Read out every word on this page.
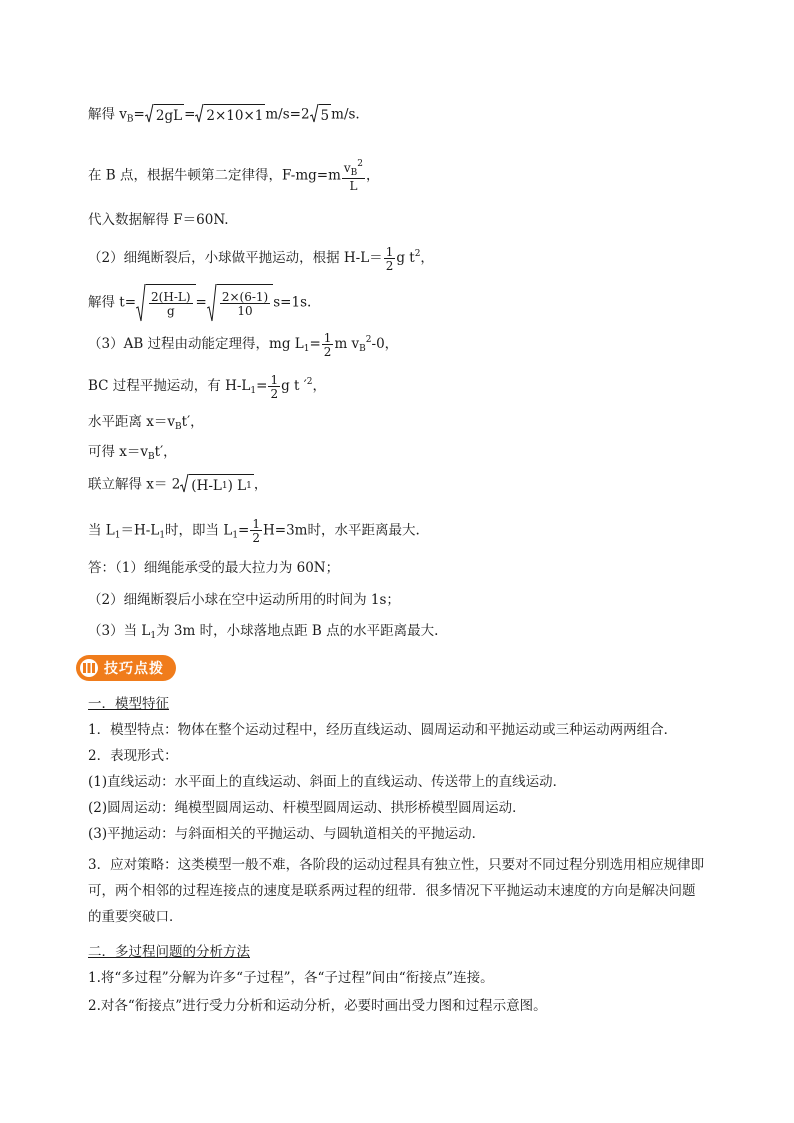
解得 $v_B= 2gL = 2\times 10\times 1$ m/s=2 5 m/s.
在 B 点，根据牛顿第二定律得，$F-mg=m \frac{v_B^2}{L}$ ，
代入数据解得 F＝60N.
（2）细绳断裂后，小球做平抛运动，根据 $H-L= \frac{1}{2}$ g $t^2$，
解得 $t= \frac{2(H-L)}{g} = \frac{2\times(6-1)}{10} s=1s$.
（3）AB 过程由动能定理得，mg $L_1= \frac{1}{2}$ m $v_B^2-0$，
BC 过程平抛运动，有 $H-L_1= \frac{1}{2}$ g t $'^2$，
水平距离 $x=v_Bt'$，
可得 $x=v_Bt'$，
联立解得 x＝ 2 (H-L 1 ) L 1 ，
当 $L_1=H-L_1$时，即当 $L_1= \frac{1}{2} H=3m$时，水平距离最大.
答：（1）细绳能承受的最大拉力为 60N；
（2）细绳断裂后小球在空中运动所用的时间为 1s；
（3）当 $L_1$为 3m 时，小球落地点距 B 点的水平距离最大.
技巧点拨
一．模型特征
1．模型特点：物体在整个运动过程中，经历直线运动、圆周运动和平抛运动或三种运动两两组合．
2．表现形式：
(1)直线运动：水平面上的直线运动、斜面上的直线运动、传送带上的直线运动．
(2)圆周运动：绳模型圆周运动、杆模型圆周运动、拱形桥模型圆周运动．
(3)平抛运动：与斜面相关的平抛运动、与圆轨道相关的平抛运动．
3．应对策略：这类模型一般不难，各阶段的运动过程具有独立性，只要对不同过程分别选用相应规律即可，两个相邻的过程连接点的速度是联系两过程的纽带．很多情况下平抛运动末速度的方向是解决问题的重要突破口．
二．多过程问题的分析方法
1.将“多过程”分解为许多“子过程”，各“子过程”间由“衔接点”连接。
2.对各“衔接点”进行受力分析和运动分析，必要时画出受力图和过程示意图。
